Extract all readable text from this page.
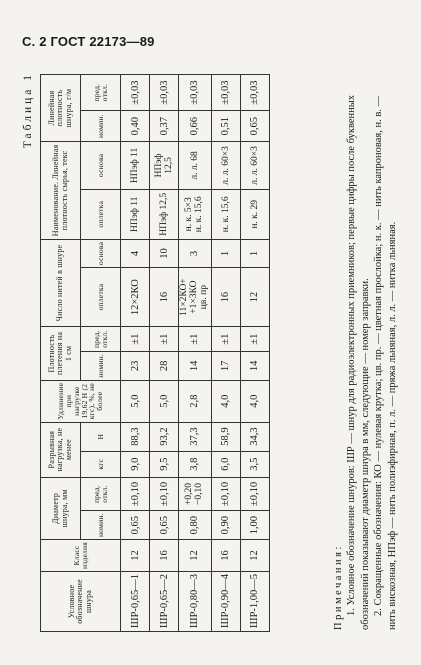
С. 2 ГОСТ 22173—89
Таблица 1
Условное обозначение шнура	Класс изделия	Диаметр шнура, мм		Разрывная нагрузка, не менее		Удлинение при нагрузке 19,62 Н (2 кгс), %, не более	Плотность плетения на 1 см		Число нитей в шнуре		Наименование. Линейная плотность сырья, текс		Линейная плотность шнура, г/м	
		номин.	пред. откл.	кгс	Н		номин.	пред. откл.	оплетка	основа	оплетка	основа	номин.	пред. откл.
ШР-0,65—1	12	0,65	±0,10	9,0	88,3	5,0	23	±1	12×2КО	4	НПэф 11	НПэф 11	0,40	±0,03
ШР-0,65—2	16	0,65	±0,10	9,5	93,2	5,0	28	±1	16	10	НПэф 12,5	НПэф 12,5	0,37	±0,03
ШР-0,80—3	12	0,80	+0,20 −0,10	3,8	37,3	2,8	14	±1	11×2КО+ +1×3КО цв. пр	3	н. к. 5×3 н. к. 15,6	л. л. 68	0,66	±0,03
ШР-0,90—4	16	0,90	±0,10	6,0	58,9	4,0	17	±1	16	1	н. к. 15,6	л. л. 60×3	0,51	±0,03
ШР-1,00—5	12	1,00	±0,10	3,5	34,3	4,0	14	±1	12	1	н. к. 29	л. л. 60×3	0,65	±0,03
Примечания: 1. Условное обозначение шнуров: ШР — шнур для радиоэлектронных приемников; первые цифры после буквенных обозначений показывают диаметр шнура в мм, следующие — номер заправки. 2. Сокращенные обозначения: КО — нулевая крутка; цв. пр. — цветная прослойка; н. к. — нить капроновая, н. в. — нить вискозная, НПэф — нить полиэфирная, п. л. — пряжа льняная, л. л. — нитка льняная.
